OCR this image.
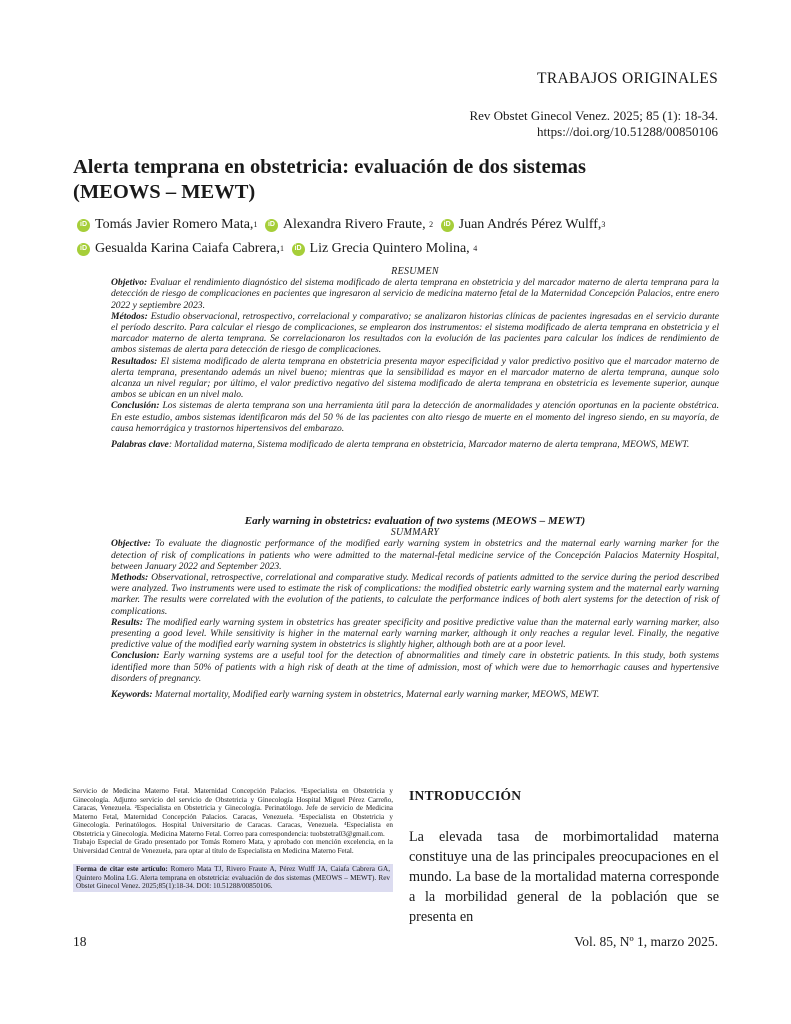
TRABAJOS ORIGINALES
Rev Obstet Ginecol Venez. 2025; 85 (1): 18-34.
https://doi.org/10.51288/00850106
Alerta temprana en obstetricia: evaluación de dos sistemas (MEOWS – MEWT)
iD Tomás Javier Romero Mata, 1
	iD Alexandra Rivero Fraute,
2
	iD Juan Andrés Pérez Wulff, 3
iD Gesualda Karina Caiafa Cabrera, 1
	iD Liz Grecia Quintero Molina,
4

RESUMEN

Objetivo: Evaluar el rendimiento diagnóstico del sistema modificado de alerta temprana en obstetricia y del marcador materno de alerta temprana para la detección de riesgo de complicaciones en pacientes que ingresaron al servicio de medicina materno fetal de la Maternidad Concepción Palacios, entre enero 2022 y septiembre 2023.

Métodos: Estudio observacional, retrospectivo, correlacional y comparativo; se analizaron historias clínicas de pacientes ingresadas en el servicio durante el período descrito. Para calcular el riesgo de complicaciones, se emplearon dos instrumentos: el sistema modificado de alerta temprana en obstetricia y el marcador materno de alerta temprana. Se correlacionaron los resultados con la evolución de las pacientes para calcular los índices de rendimiento de ambos sistemas de alerta para detección de riesgo de complicaciones.

Resultados: El sistema modificado de alerta temprana en obstetricia presenta mayor especificidad y valor predictivo positivo que el marcador materno de alerta temprana, presentando además un nivel bueno; mientras que la sensibilidad es mayor en el marcador materno de alerta temprana, aunque solo alcanza un nivel regular; por último, el valor predictivo negativo del sistema modificado de alerta temprana en obstetricia es levemente superior, aunque ambos se ubican en un nivel malo.

Conclusión: Los sistemas de alerta temprana son una herramienta útil para la detección de anormalidades y atención oportunas en la paciente obstétrica. En este estudio, ambos sistemas identificaron más del 50 % de las pacientes con alto riesgo de muerte en el momento del ingreso siendo, en su mayoría, de causa hemorrágica y trastornos hipertensivos del embarazo.

Palabras clave: Mortalidad materna, Sistema modificado de alerta temprana en obstetricia, Marcador materno de alerta temprana, MEOWS, MEWT.

Early warning in obstetrics: evaluation of two systems (MEOWS – MEWT)

SUMMARY

Objective: To evaluate the diagnostic performance of the modified early warning system in obstetrics and the maternal early warning marker for the detection of risk of complications in patients who were admitted to the maternal-fetal medicine service of the Concepción Palacios Maternity Hospital, between January 2022 and September 2023.

Methods: Observational, retrospective, correlational and comparative study. Medical records of patients admitted to the service during the period described were analyzed. Two instruments were used to estimate the risk of complications: the modified obstetric early warning system and the maternal early warning marker. The results were correlated with the evolution of the patients, to calculate the performance indices of both alert systems for the detection of risk of complications.

Results: The modified early warning system in obstetrics has greater specificity and positive predictive value than the maternal early warning marker, also presenting a good level. While sensitivity is higher in the maternal early warning marker, although it only reaches a regular level. Finally, the negative predictive value of the modified early warning system in obstetrics is slightly higher, although both are at a poor level.

Conclusion: Early warning systems are a useful tool for the detection of abnormalities and timely care in obstetric patients. In this study, both systems identified more than 50% of patients with a high risk of death at the time of admission, most of which were due to hemorrhagic causes and hypertensive disorders of pregnancy.

Keywords: Maternal mortality, Modified early warning system in obstetrics, Maternal early warning marker, MEOWS, MEWT.

Servicio de Medicina Materno Fetal. Maternidad Concepción Palacios. ¹Especialista en Obstetricia y Ginecología. Adjunto servicio del servicio de Obstetricia y Ginecología Hospital Miguel Pérez Carreño, Caracas, Venezuela. ²Especialista en Obstetricia y Ginecología. Perinatólogo. Jefe de servicio de Medicina Materno Fetal, Maternidad Concepción Palacios. Caracas, Venezuela. ³Especialista en Obstetricia y Ginecología. Perinatólogos. Hospital Universitario de Caracas. Caracas, Venezuela. ⁴Especialista en Obstetricia y Ginecología. Medicina Materno Fetal. Correo para correspondencia: tuobstetra03@gmail.com.

Trabajo Especial de Grado presentado por Tomás Romero Mata, y aprobado con mención excelencia, en la Universidad Central de Venezuela, para optar al título de Especialista en Medicina Materno Fetal.

Forma de citar este artículo: Romero Mata TJ, Rivero Fraute A, Pérez Wulff JA, Caiafa Cabrera GA, Quintero Molina LG. Alerta temprana en obstetricia: evaluación de dos sistemas (MEOWS – MEWT). Rev Obstet Ginecol Venez. 2025;85(1):18-34. DOI: 10.51288/00850106.
INTRODUCCIÓN

La elevada tasa de morbimortalidad materna constituye una de las principales preocupaciones en el mundo. La base de la mortalidad materna corresponde a la morbilidad general de la población que se presenta en

18	Vol. 85, Nº 1, marzo 2025.
